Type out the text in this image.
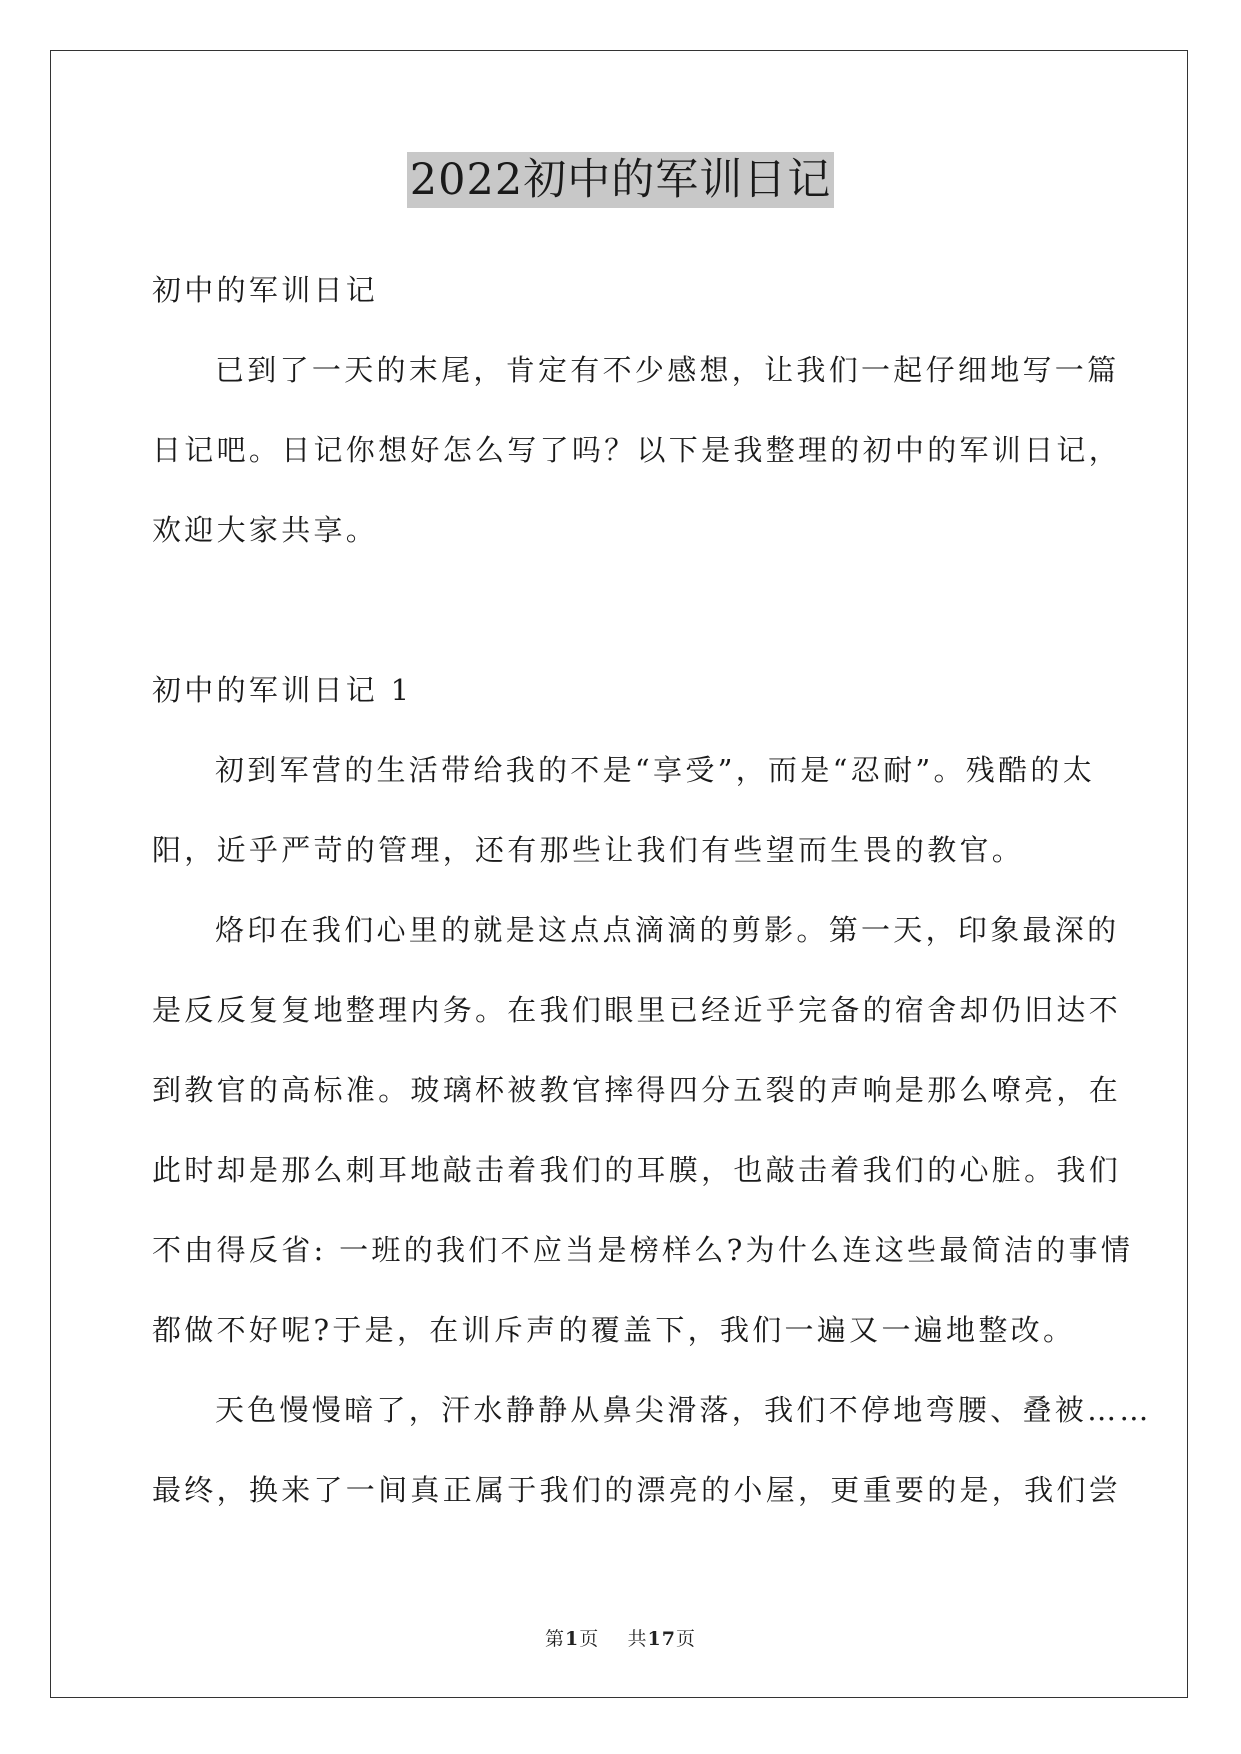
2022初中的军训日记
初中的军训日记
已到了一天的末尾，肯定有不少感想，让我们一起仔细地写一篇
日记吧。日记你想好怎么写了吗？以下是我整理的初中的军训日记，
欢迎大家共享。
初中的军训日记 1
初到军营的生活带给我的不是“享受”，而是“忍耐”。残酷的太
阳，近乎严苛的管理，还有那些让我们有些望而生畏的教官。
烙印在我们心里的就是这点点滴滴的剪影。第一天，印象最深的
是反反复复地整理内务。在我们眼里已经近乎完备的宿舍却仍旧达不
到教官的高标准。玻璃杯被教官摔得四分五裂的声响是那么嘹亮，在
此时却是那么刺耳地敲击着我们的耳膜，也敲击着我们的心脏。我们
不由得反省: 一班的我们不应当是榜样么?为什么连这些最简洁的事情
都做不好呢?于是，在训斥声的覆盖下，我们一遍又一遍地整改。
天色慢慢暗了，汗水静静从鼻尖滑落，我们不停地弯腰、叠被……
最终，换来了一间真正属于我们的漂亮的小屋，更重要的是，我们尝
第1页 共17页
